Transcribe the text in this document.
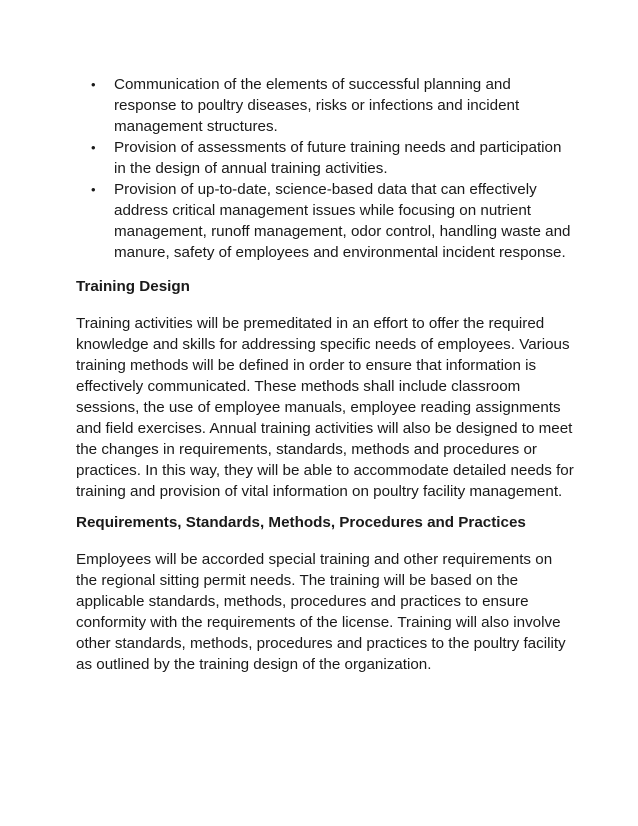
• Communication of the elements of successful planning and response to poultry diseases, risks or infections and incident management structures.
• Provision of assessments of future training needs and participation in the design of annual training activities.
• Provision of up-to-date, science-based data that can effectively address critical management issues while focusing on nutrient management, runoff management, odor control, handling waste and manure, safety of employees and environmental incident response.

Training Design

Training activities will be premeditated in an effort to offer the required knowledge and skills for addressing specific needs of employees. Various training methods will be defined in order to ensure that information is effectively communicated. These methods shall include classroom sessions, the use of employee manuals, employee reading assignments and field exercises. Annual training activities will also be designed to meet the changes in requirements, standards, methods and procedures or practices. In this way, they will be able to accommodate detailed needs for training and provision of vital information on poultry facility management.

Requirements, Standards, Methods, Procedures and Practices

Employees will be accorded special training and other requirements on the regional sitting permit needs. The training will be based on the applicable standards, methods, procedures and practices to ensure conformity with the requirements of the license. Training will also involve other standards, methods, procedures and practices to the poultry facility as outlined by the training design of the organization.
